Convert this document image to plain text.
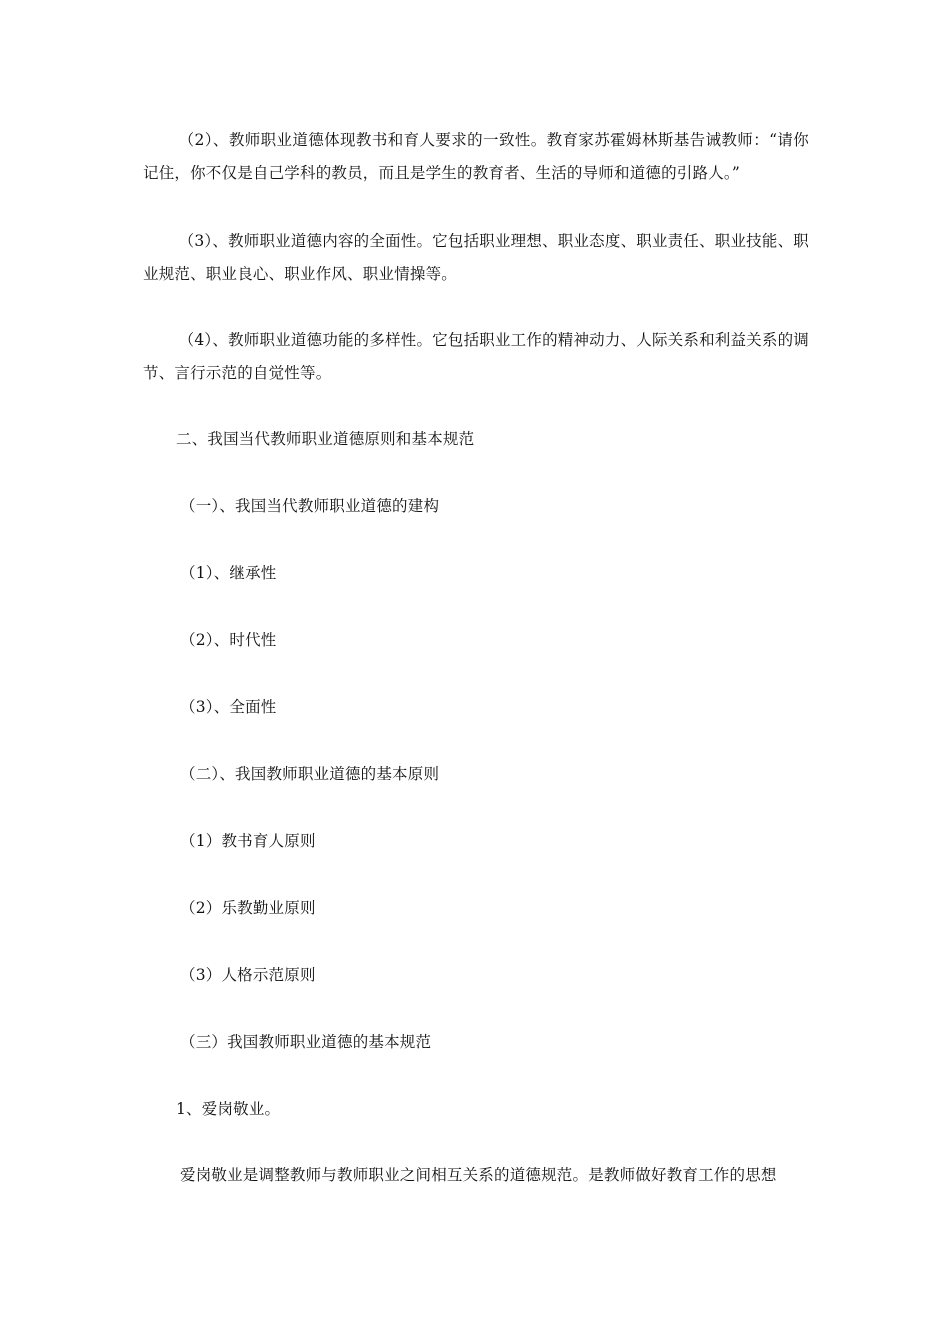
（2）、教师职业道德体现教书和育人要求的一致性。教育家苏霍姆林斯基告诫教师：“请你记住，你不仅是自己学科的教员，而且是学生的教育者、生活的导师和道德的引路人。”

（3）、教师职业道德内容的全面性。它包括职业理想、职业态度、职业责任、职业技能、职业规范、职业良心、职业作风、职业情操等。

（4）、教师职业道德功能的多样性。它包括职业工作的精神动力、人际关系和利益关系的调节、言行示范的自觉性等。

二、我国当代教师职业道德原则和基本规范

（一）、我国当代教师职业道德的建构

（1）、继承性

（2）、时代性

（3）、全面性

（二）、我国教师职业道德的基本原则

（1）教书育人原则

（2）乐教勤业原则

（3）人格示范原则

（三）我国教师职业道德的基本规范

1、爱岗敬业。

爱岗敬业是调整教师与教师职业之间相互关系的道德规范。是教师做好教育工作的思想
